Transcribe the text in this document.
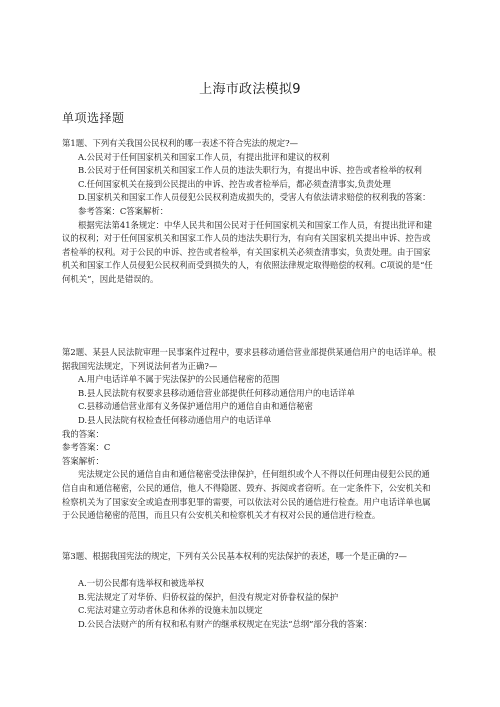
上海市政法模拟9
单项选择题

第1题、下列有关我国公民权利的哪一表述不符合宪法的规定?—

A.公民对于任何国家机关和国家工作人员，有提出批评和建议的权利

B.公民对于任何国家机关和国家工作人员的违法失职行为，有提出申诉、控告或者检举的权利

C.任何国家机关在接到公民提出的申诉、控告或者检举后，都必须查清事实,负责处理

D.国家机关和国家工作人员侵犯公民权利造成损失的，受害人有依法请求赔偿的权利我的答案：参考答案：C答案解析：

根据宪法第41条规定：中华人民共和国公民对于任何国家机关和国家工作人员，有提出批评和建议的权利；对于任何国家机关和国家工作人员的违法失职行为，有向有关国家机关提出申诉、控告或者检举的权利。对于公民的申诉、控告或者检举，有关国家机关必须查清事实，负责处理。由于国家机关和国家工作人员侵犯公民权利而受到损失的人，有依照法律规定取得赔偿的权利。C项说的是“任何机关”，因此是错误的。

第2题、某县人民法院审理一民事案件过程中，要求县移动通信营业部提供某通信用户的电话详单。根据我国宪法规定，下列说法何者为正确?—

A.用户电话详单不属于宪法保护的公民通信秘密的范围

B.县人民法院有权要求县移动通信营业部提供任何移动通信用户的电话详单

C.县移动通信营业部有义务保护通信用户的通信自由和通信秘密

D.县人民法院有权检查任何移动通信用户的电话详单

我的答案：

参考答案：C

答案解析：

宪法规定公民的通信自由和通信秘密受法律保护，任何组织或个人不得以任何理由侵犯公民的通信自由和通信秘密，公民的通信，他人不得隐匿、毁弃、拆阅或者窃听。在一定条件下，公安机关和检察机关为了国家安全或追查刑事犯罪的需要，可以依法对公民的通信进行检查。用户电话详单也属于公民通信秘密的范围，而且只有公安机关和检察机关才有权对公民的通信进行检查。

第3题、根据我国宪法的规定，下列有关公民基本权利的宪法保护的表述，哪一个是正确的?—

A.一切公民都有选举权和被选举权

B.宪法规定了对华侨、归侨权益的保护，但没有规定对侨眷权益的保护

C.宪法对建立劳动者休息和休养的设施未加以规定

D.公民合法财产的所有权和私有财产的继承权规定在宪法“总纲”部分我的答案：
